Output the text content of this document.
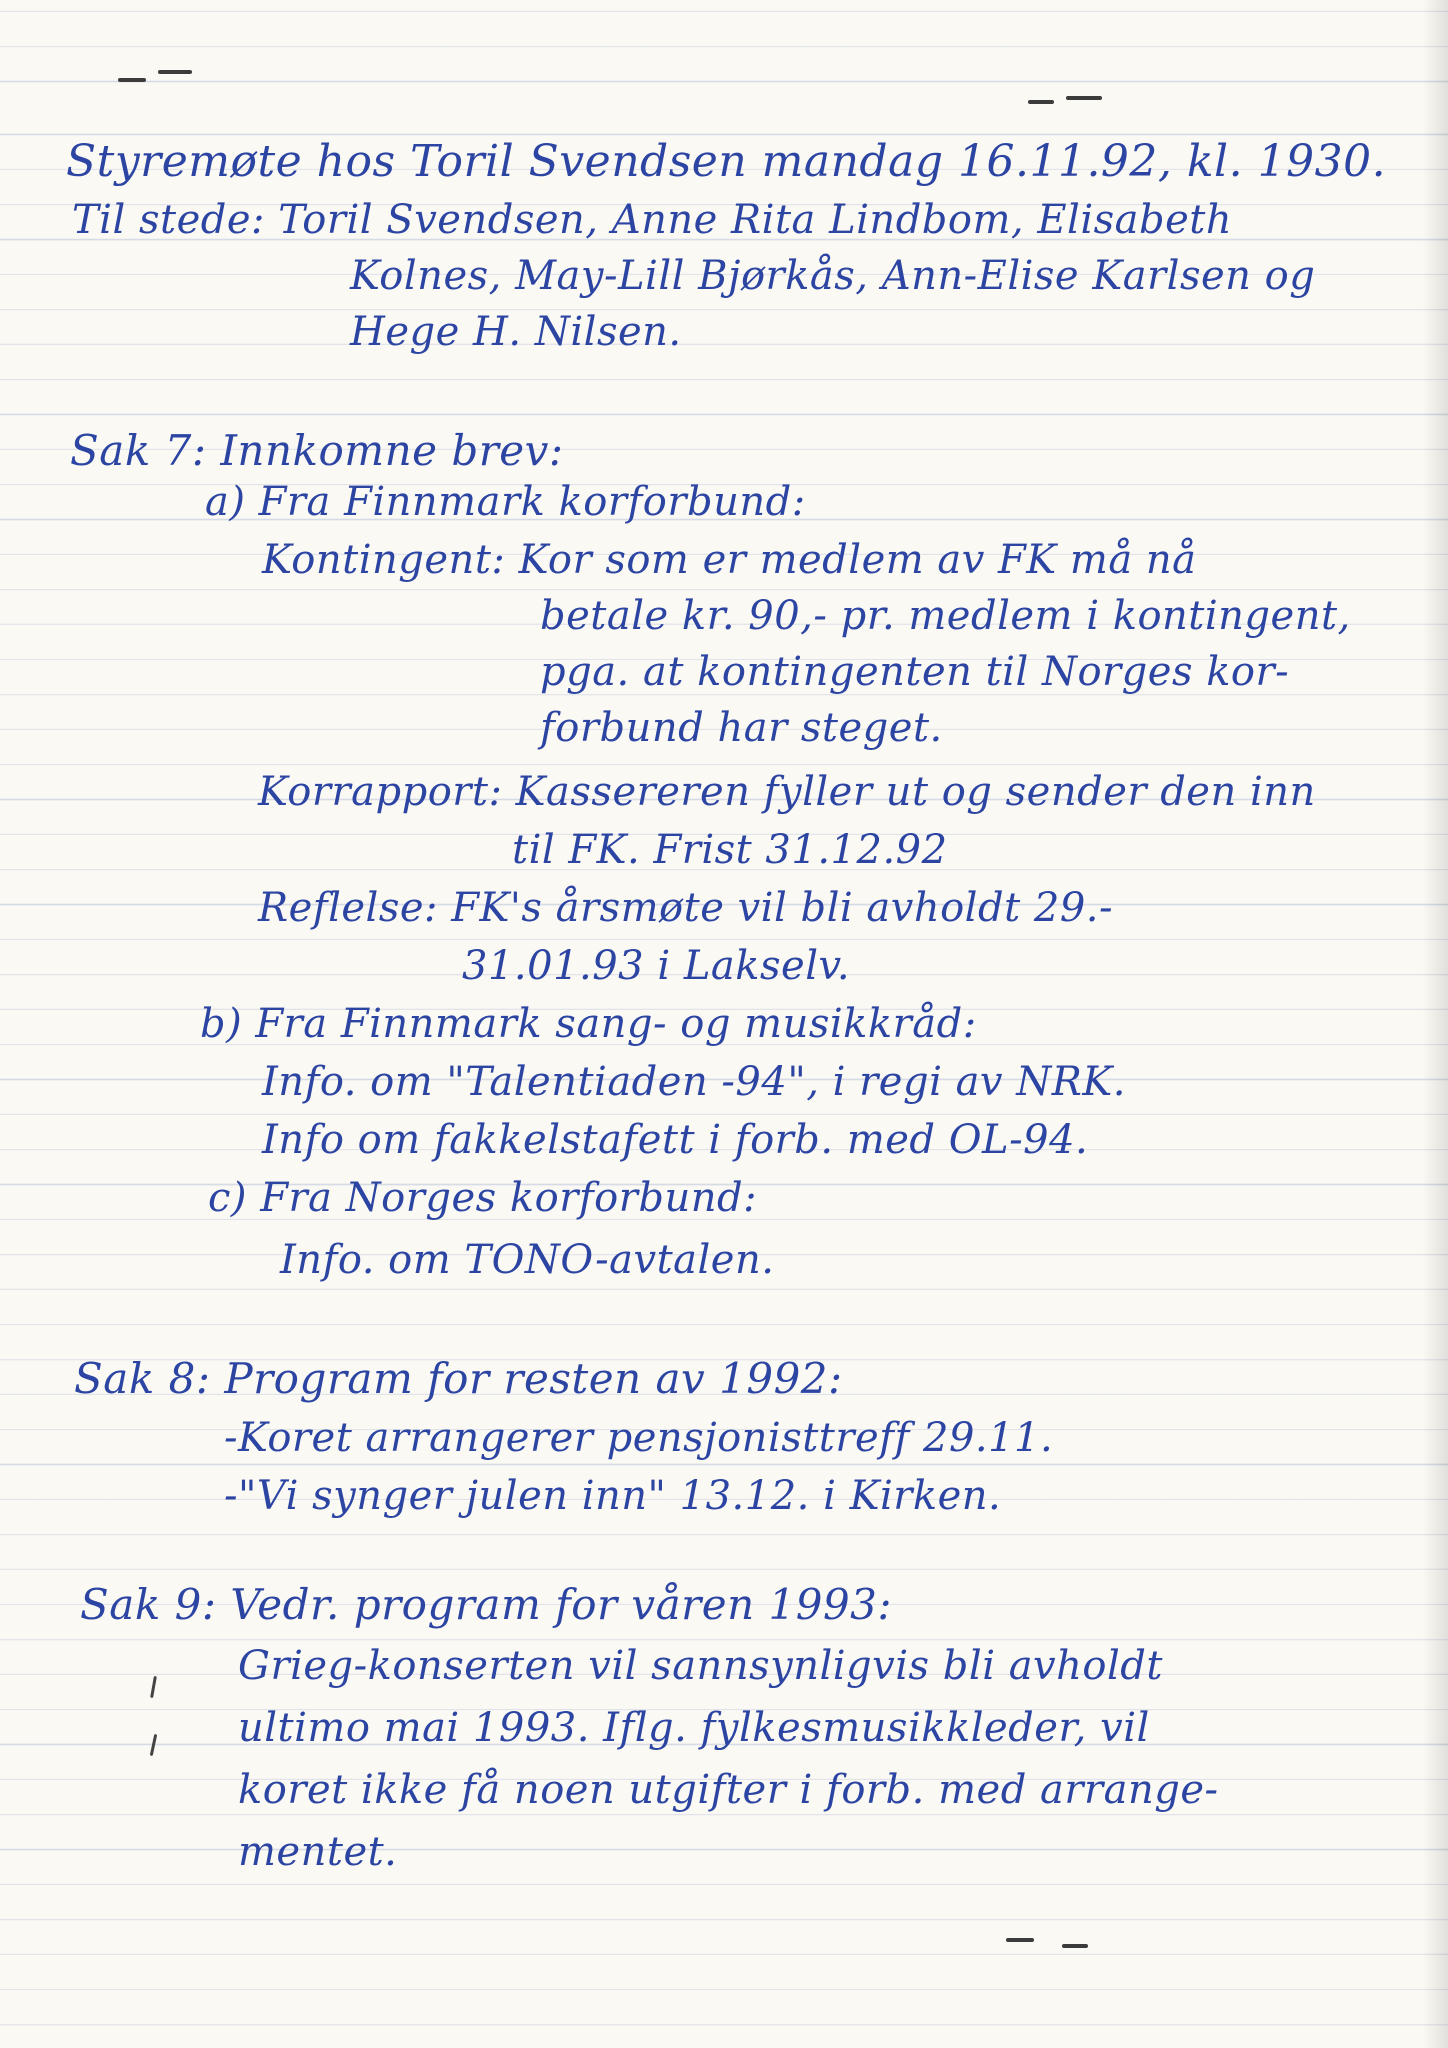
Styremøte hos Toril Svendsen mandag 16.11.92, kl. 1930.

Til stede: Toril Svendsen, Anne Rita Lindbom, Elisabeth

Kolnes, May-Lill Bjørkås, Ann-Elise Karlsen og

Hege H. Nilsen.

Sak 7: Innkomne brev:

a) Fra Finnmark korforbund:

Kontingent: Kor som er medlem av FK må nå

betale kr. 90,- pr. medlem i kontingent,

pga. at kontingenten til Norges kor-

forbund har steget.

Korrapport: Kassereren fyller ut og sender den inn

til FK. Frist 31.12.92

Reflelse: FK's årsmøte vil bli avholdt 29.-

31.01.93 i Lakselv.

b) Fra Finnmark sang- og musikkråd:

Info. om "Talentiaden -94", i regi av NRK.

Info om fakkelstafett i forb. med OL-94.

c) Fra Norges korforbund:

Info. om TONO-avtalen.

Sak 8: Program for resten av 1992:

-Koret arrangerer pensjonisttreff 29.11.

-"Vi synger julen inn" 13.12. i Kirken.

Sak 9: Vedr. program for våren 1993:

Grieg-konserten vil sannsynligvis bli avholdt

ultimo mai 1993. Iflg. fylkesmusikkleder, vil

koret ikke få noen utgifter i forb. med arrange-

mentet.
